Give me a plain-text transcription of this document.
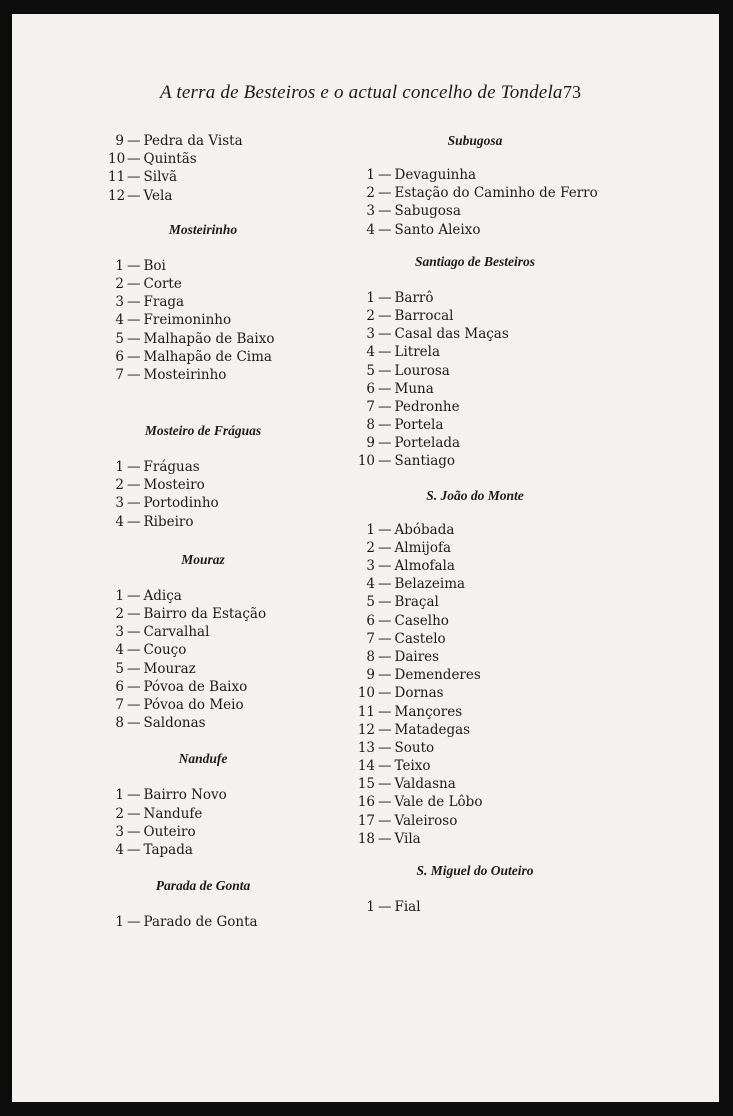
A terra de Besteiros e o actual concelho de Tondela 73
9 — Pedra da Vista
10 — Quintãs
11 — Silvã
12 — Vela
Mosteirinho
1 — Boi
2 — Corte
3 — Fraga
4 — Freimoninho
5 — Malhapão de Baixo
6 — Malhapão de Cima
7 — Mosteirinho
Mosteiro de Fráguas
1 — Fráguas
2 — Mosteiro
3 — Portodinho
4 — Ribeiro
Mouraz
1 — Adiça
2 — Bairro da Estação
3 — Carvalhal
4 — Couço
5 — Mouraz
6 — Póvoa de Baixo
7 — Póvoa do Meio
8 — Saldonas
Nandufe
1 — Bairro Novo
2 — Nandufe
3 — Outeiro
4 — Tapada
Parada de Gonta
1 — Parado de Gonta
Subugosa
1 — Devaguinha
2 — Estação do Caminho de Ferro
3 — Sabugosa
4 — Santo Aleixo
Santiago de Besteiros
1 — Barrô
2 — Barrocal
3 — Casal das Maças
4 — Litrela
5 — Lourosa
6 — Muna
7 — Pedronhe
8 — Portela
9 — Portelada
10 — Santiago
S. João do Monte
1 — Abóbada
2 — Almijofa
3 — Almofala
4 — Belazeima
5 — Braçal
6 — Caselho
7 — Castelo
8 — Daires
9 — Demenderes
10 — Dornas
11 — Mançores
12 — Matadegas
13 — Souto
14 — Teixo
15 — Valdasna
16 — Vale de Lôbo
17 — Valeiroso
18 — Vila
S. Miguel do Outeiro
1 — Fial
